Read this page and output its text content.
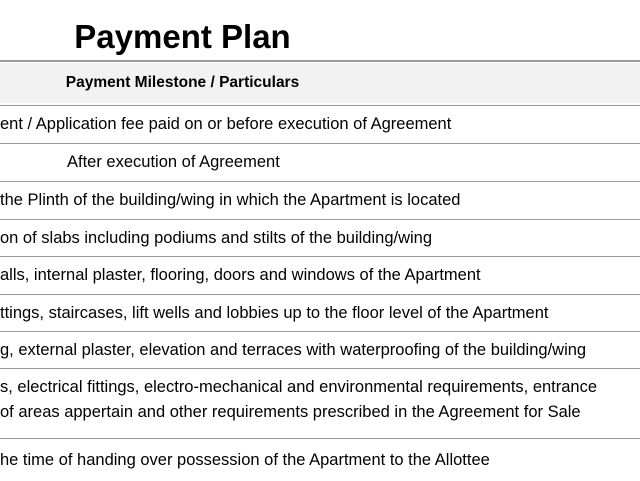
Payment Plan
Payment Milestone / Particulars
ent / Application fee paid on or before execution of Agreement
After execution of Agreement
the Plinth of the building/wing in which the Apartment is located
on of slabs including podiums and stilts of the building/wing
alls, internal plaster, flooring, doors and windows of the Apartment
ttings, staircases, lift wells and lobbies up to the floor level of the Apartment
g, external plaster, elevation and terraces with waterproofing of the building/wing
s, electrical fittings, electro-mechanical and environmental requirements, entrance
of areas appertain and other requirements prescribed in the Agreement for Sale
he time of handing over possession of the Apartment to the Allottee
